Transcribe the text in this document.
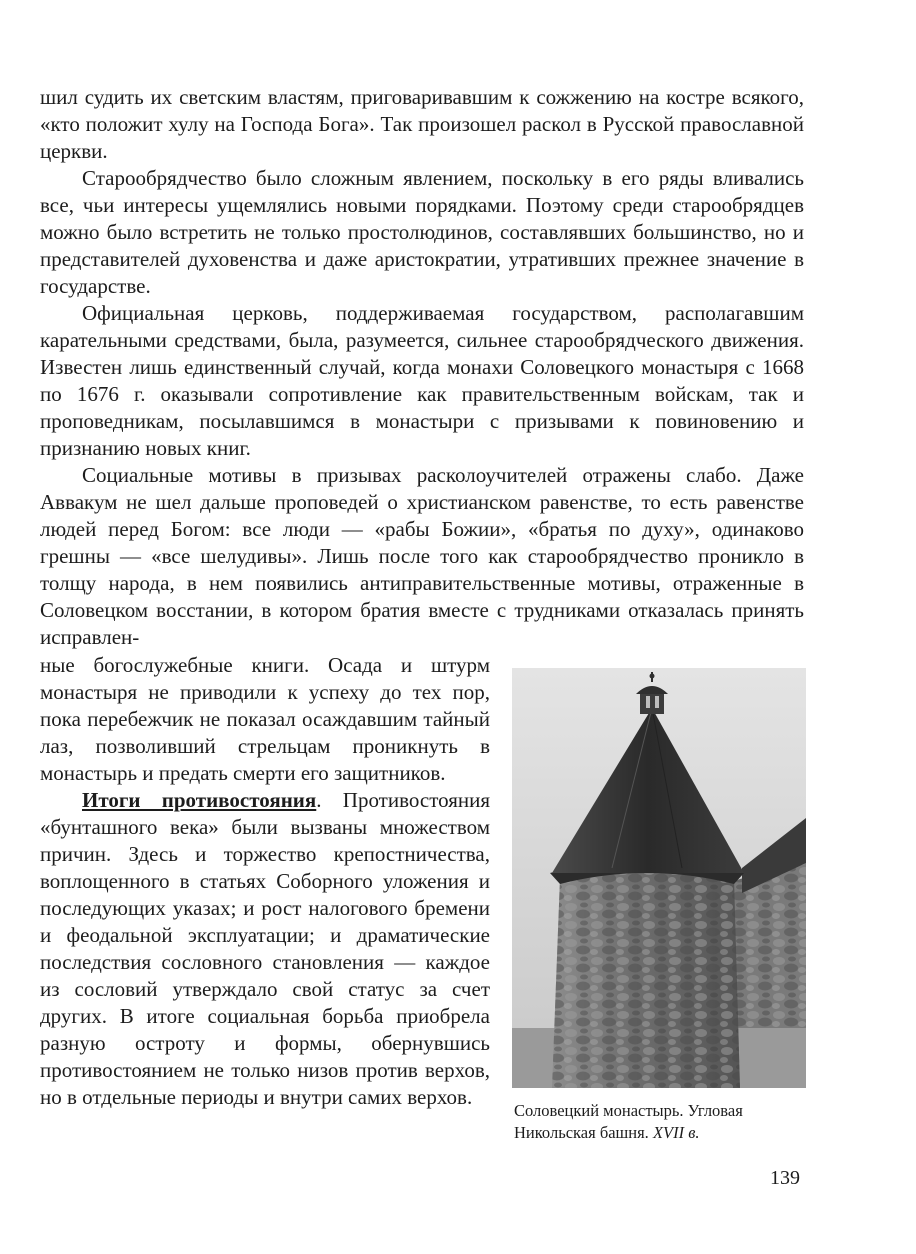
шил судить их светским властям, приговаривавшим к сожжению на костре всякого, «кто положит хулу на Господа Бога». Так произошел раскол в Русской православной церкви.

Старообрядчество было сложным явлением, поскольку в его ряды вливались все, чьи интересы ущемлялись новыми порядками. Поэтому среди старообрядцев можно было встретить не только простолюдинов, составлявших большинство, но и представителей духовенства и даже аристократии, утративших прежнее значение в государстве.

Официальная церковь, поддерживаемая государством, располагавшим карательными средствами, была, разумеется, сильнее старообрядческого движения. Известен лишь единственный случай, когда монахи Соловецкого монастыря с 1668 по 1676 г. оказывали сопротивление как правительственным войскам, так и проповедникам, посылавшимся в монастыри с призывами к повиновению и признанию новых книг.

Социальные мотивы в призывах расколоучителей отражены слабо. Даже Аввакум не шел дальше проповедей о христианском равенстве, то есть равенстве людей перед Богом: все люди — «рабы Божии», «братья по духу», одинаково грешны — «все шелудивы». Лишь после того как старообрядчество проникло в толщу народа, в нем появились антиправительственные мотивы, отраженные в Соловецком восстании, в котором братия вместе с трудниками отказалась принять исправлен-

ные богослужебные книги. Осада и штурм монастыря не приводили к успеху до тех пор, пока перебежчик не показал осаждавшим тайный лаз, позволивший стрельцам проникнуть в монастырь и предать смерти его защитников.

Итоги противостояния. Противостояния «бунташного века» были вызваны множеством причин. Здесь и торжество крепостничества, воплощенного в статьях Соборного уложения и последующих указах; и рост налогового бремени и феодальной эксплуатации; и драматические последствия сословного становления — каждое из сословий утверждало свой статус за счет других. В итоге социальная борьба приобрела разную остроту и формы, обернувшись противостоянием не только низов против верхов, но в отдельные периоды и внутри самих верхов.

Соловецкий монастырь. Угловая Никольская башня. XVII в.
139
